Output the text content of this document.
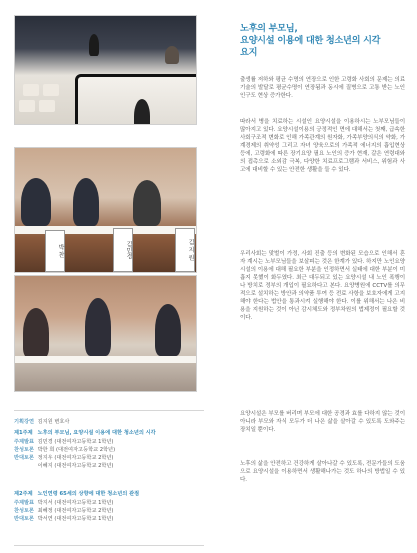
박 찬	김민경	김 지 원
노후의 부모님,
요양시설 이용에 대한 청소년의 시각
요지
출생률 저하와 평균 수명의 연장으로 인한 고령화 사회의 문제는 의료기술의 발달로 평균수명이 연장됨과 동시에 질병으로 고통 받는 노인인구도 현상 증가한다.
따라서 병을 치료하는 시설인 요양시설을 이용하시는 노부모님들이 많아지고 있다. 요양시설이용의 긍정적인 면에 대해서는 첫째, 급속한 사회구조적 변화로 인해 가족관계의 원자화, 가족부양의식의 약화, 가계경제의 취약성 그리고 자녀 양육으로의 가족적 에너지의 흡입현상 등에, 고령화에 따른 장기요양 필요 노인의 증가 현재, 갈은 연령대와의 접촉으로 소외감 극복, 다양한 치료프로그램과 서비스, 위험과 사고에 대비할 수 있는 안전한 생활을 들 수 있다.
우리사회는 맞벌이 가정, 사회 진출 등의 변화된 모습으로 인해서 혼자 계시는 노부모님들을 보살피는 것은 한계가 있다. 하지만 노인요양시설의 이용에 대해 필요한 부분을 인정하면서 실태에 대한 부분이 미흡지 못했이 화두였다. 최근 대두되고 있는 요양시설 내 노인 폭행이나 방치로 정부의 개입이 필요하다고 본다. 요양병원에 CCTV를 의무적으로 설치하는 방안과 의약품 투여 등 전료 사항을 보호자에게 고지해야 한다는 법안을 통과시켜 실행해야 한다. 이를 위해서는 나은 비용을 지원하는 것이 아닌 감시체도와 정부차원의 법제정이 필요할 것이다.
요양시설은 부모를 버리며 부모에 대한 공경과 효를 다하지 않는 것이 아니라 부모와 자식 모두가 더 나은 삶을 살아갈 수 있도록 도와주는 장치일 뿐이다.
노후의 삶을 안전하고 건강하게 살아나갈 수 있도록, 전문가들의 도움으로 요양시설을 이용하면서 생활해나가는 것도 하나의 방법일 수 있다.
기획강연 김지원 변호사
제1주제 노후의 부모님, 요양시설 이용에 대한 청소년의 시각
주제발표 김민경 (대전여자고등학교 1학년)
찬성토론 박한 희 (대전여자고등학교 2학년)
반대토론 정지우 (대전여자고등학교 2학년)
이혜지 (대전여자고등학교 2학년)
제2주제 노인연령 65세의 상향에 대한 청소년의 관점
주제발표 박지서 (대전여자고등학교 1학년)
찬성토론 최혜정 (대전여자고등학교 2학년)
반대토론 박서연 (대전여자고등학교 1학년)
